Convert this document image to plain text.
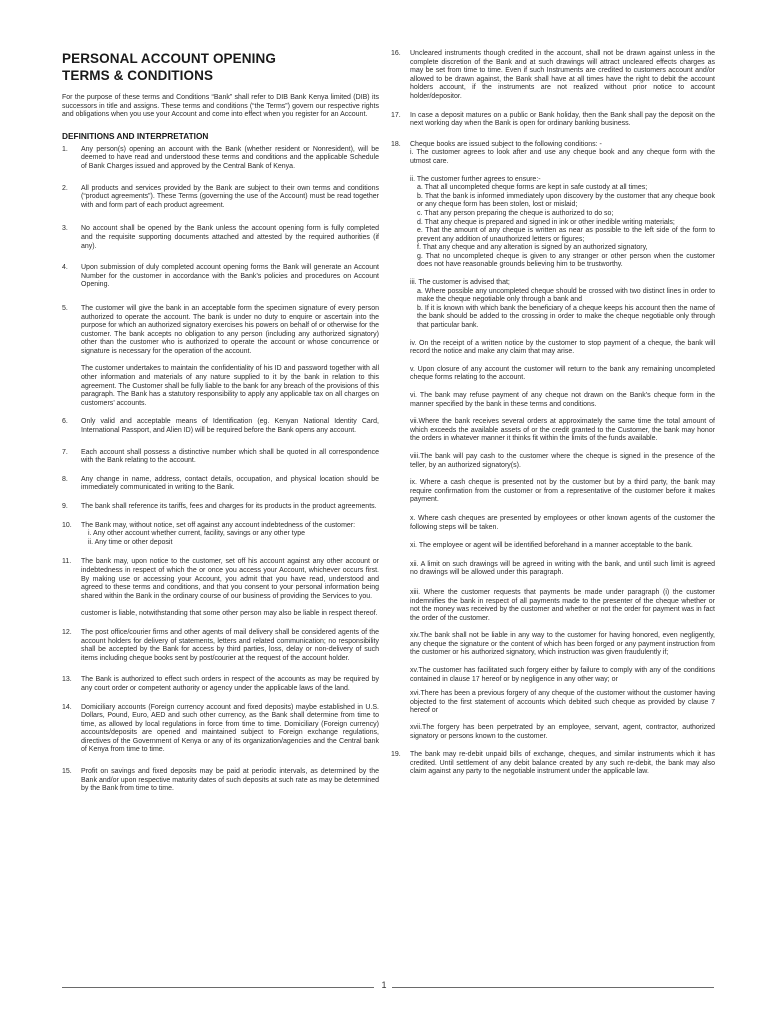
PERSONAL ACCOUNT OPENING
TERMS & CONDITIONS

For the purpose of these terms and Conditions “Bank” shall refer to DIB Bank Kenya limited (DIB) its successors in title and assigns. These terms and conditions (“the Terms”) govern our respective rights and obligations when you use your Account and come into effect when you register for an Account.

DEFINITIONS AND INTERPRETATION
1.	Any person(s) opening an account with the Bank (whether resident or Nonresident), will be deemed to have read and understood these terms and conditions and the applicable Schedule of Bank Charges issued and approved by the Central Bank of Kenya.

2.	All products and services provided by the Bank are subject to their own terms and conditions (“product agreements”). These Terms (governing the use of the Account) must be read together with and form part of each product agreement.

3.	No account shall be opened by the Bank unless the account opening form is fully completed and the requisite supporting documents attached and attested by the required authorities (if any).

4.	Upon submission of duly completed account opening forms the Bank will generate an Account Number for the customer in accordance with the Bank’s policies and procedures on Account Opening.

5.	The customer will give the bank in an acceptable form the specimen signature of every person authorized to operate the account. The bank is under no duty to enquire or ascertain into the purpose for which an authorized signatory exercises his powers on behalf of or otherwise for the customer. The bank accepts no obligation to any person (including any authorized signatory) other than the customer who is authorized to operate the account or whose concurrence or signature is necessary for the operation of the account.

The customer undertakes to maintain the confidentiality of his ID and password together with all other information and materials of any nature supplied to it by the bank in relation to this agreement. The Customer shall be fully liable to the bank for any breach of the provisions of this paragraph. The Bank has a statutory responsibility to apply any applicable tax on all charges on customers’ accounts.

6.	Only valid and acceptable means of Identification (eg. Kenyan National Identity Card, International Passport, and Alien ID) will be required before the Bank opens any account.

7.	Each account shall possess a distinctive number which shall be quoted in all correspondence with the Bank relating to the account.

8.	Any change in name, address, contact details, occupation, and physical location should be immediately communicated in writing to the Bank.

9.	The bank shall reference its tariffs, fees and charges for its products in the product agreements.

10.	The Bank may, without notice, set off against any account indebtedness of the customer:

i. Any other account whether current, facility, savings or any other type

ii. Any time or other deposit

11.	The bank may, upon notice to the customer, set off his account against any other account or indebtedness in respect of which the or once you access your Account, whichever occurs first. By making use or accessing your Account, you admit that you have read, understood and agreed to these terms and conditions, and that you consent to your personal information being shared within the Bank in the ordinary course of our business of providing the Services to you.

customer is liable, notwithstanding that some other person may also be liable in respect thereof.

12.	The post office/courier firms and other agents of mail delivery shall be considered agents of the account holders for delivery of statements, letters and related communication; no responsibility shall be accepted by the Bank for access by third parties, loss, delay or non-delivery of such items including cheque books sent by post/courier at the request of the account holder.

13.	The Bank is authorized to effect such orders in respect of the accounts as may be required by any court order or competent authority or agency under the applicable laws of the land.

14.	Domiciliary accounts (Foreign currency account and fixed deposits) maybe established in U.S. Dollars, Pound, Euro, AED and such other currency, as the Bank shall determine from time to time, as allowed by local regulations in force from time to time. Domiciliary (Foreign currency) accounts/deposits are opened and maintained subject to Foreign exchange regulations, directives of the Government of Kenya or any of its organization/agencies and the Central bank of Kenya from time to time.

15.	Profit on savings and fixed deposits may be paid at periodic intervals, as determined by the Bank and/or upon respective maturity dates of such deposits at such rate as may be determined by the Bank from time to time.

16.	Uncleared instruments though credited in the account, shall not be drawn against unless in the complete discretion of the Bank and at such drawings will attract uncleared effects charges as may be set from time to time. Even if such Instruments are credited to customers account and/or allowed to be drawn against, the Bank shall have at all times have the right to debit the account holders account, if the instruments are not realized without prior notice to account holder/depositor.

17.	In case a deposit matures on a public or Bank holiday, then the Bank shall pay the deposit on the next working day when the Bank is open for ordinary banking business.

18.	Cheque books are issued subject to the following conditions: -

i. The customer agrees to look after and use any cheque book and any cheque form with the utmost care.

ii. The customer further agrees to ensure:-

a. That all uncompleted cheque forms are kept in safe custody at all times;

b. That the bank is informed immediately upon discovery by the customer that any cheque book or any cheque form has been stolen, lost or mislaid;

c. That any person preparing the cheque is authorized to do so;

d. That any cheque is prepared and signed in ink or other inedible writing materials;

e. That the amount of any cheque is written as near as possible to the left side of the form to prevent any addition of unauthorized letters or figures;

f. That any cheque and any alteration is signed by an authorized signatory,

g. That no uncompleted cheque is given to any stranger or other person when the customer does not have reasonable grounds believing him to be trustworthy.

iii. The customer is advised that;

a. Where possible any uncompleted cheque should be crossed with two distinct lines in order to make the cheque negotiable only through a bank and

b. If it is known with which bank the beneficiary of a cheque keeps his account then the name of the bank should be added to the crossing in order to make the cheque negotiable only through that particular bank.

iv. On the receipt of a written notice by the customer to stop payment of a cheque, the bank will record the notice and make any claim that may arise.

v. Upon closure of any account the customer will return to the bank any remaining uncompleted cheque forms relating to the account.

vi. The bank may refuse payment of any cheque not drawn on the Bank’s cheque form in the manner specified by the bank in these terms and conditions.

vii.Where the bank receives several orders at approximately the same time the total amount of which exceeds the available assets of or the credit granted to the Customer, the bank may honor the orders in whatever manner it thinks fit within the limits of the funds available.

viii.The bank will pay cash to the customer where the cheque is signed in the presence of the teller, by an authorized signatory(s).

ix. Where a cash cheque is presented not by the customer but by a third party, the bank may require confirmation from the customer or from a representative of the customer before it makes payment.

x. Where cash cheques are presented by employees or other known agents of the customer the following steps will be taken.

xi. The employee or agent will be identified beforehand in a manner acceptable to the bank.

xii. A limit on such drawings will be agreed in writing with the bank, and until such limit is agreed no drawings will be allowed under this paragraph.

xiii. Where the customer requests that payments be made under paragraph (i) the customer indemnifies the bank in respect of all payments made to the presenter of the cheque whether or not the money was received by the customer and whether or not the order for payment was in fact the order of the customer.

xiv.The bank shall not be liable in any way to the customer for having honored, even negligently, any cheque the signature or the content of which has been forged or any payment instruction from the customer or his authorized signatory, which instruction was given fraudulently if;

xv.The customer has facilitated such forgery either by failure to comply with any of the conditions contained in clause 17 hereof or by negligence in any other way; or

xvi.There has been a previous forgery of any cheque of the customer without the customer having objected to the first statement of accounts which debited such cheque as provided by clause 7 hereof or

xvii.The forgery has been perpetrated by an employee, servant, agent, contractor, authorized signatory or persons known to the customer.

19.	The bank may re-debit unpaid bills of exchange, cheques, and similar instruments which it has credited. Until settlement of any debit balance created by any such re-debit, the bank may also claim against any party to the negotiable instrument under the applicable law.

1
